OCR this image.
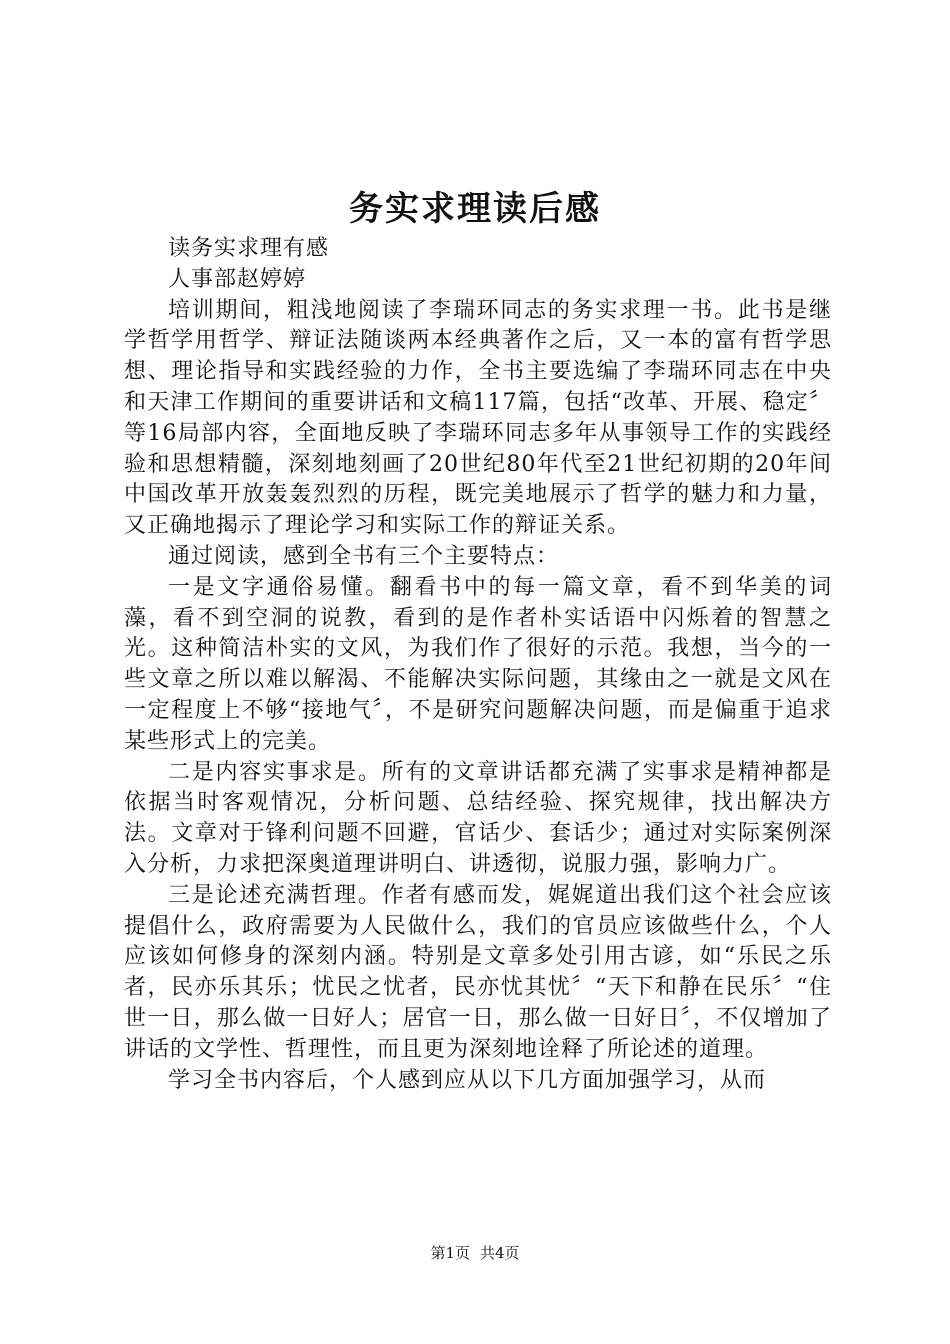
务实求理读后感

读务实求理有感

人事部赵婷婷

培训期间，粗浅地阅读了李瑞环同志的务实求理一书。此书是继学哲学用哲学、辩证法随谈两本经典著作之后，又一本的富有哲学思想、理论指导和实践经验的力作，全书主要选编了李瑞环同志在中央和天津工作期间的重要讲话和文稿117篇，包括“改革、开展、稳定〞等16局部内容，全面地反映了李瑞环同志多年从事领导工作的实践经验和思想精髓，深刻地刻画了20世纪80年代至21世纪初期的20年间中国改革开放轰轰烈烈的历程，既完美地展示了哲学的魅力和力量，又正确地揭示了理论学习和实际工作的辩证关系。

通过阅读，感到全书有三个主要特点：

一是文字通俗易懂。翻看书中的每一篇文章，看不到华美的词藻，看不到空洞的说教，看到的是作者朴实话语中闪烁着的智慧之光。这种简洁朴实的文风，为我们作了很好的示范。我想，当今的一些文章之所以难以解渴、不能解决实际问题，其缘由之一就是文风在一定程度上不够“接地气〞，不是研究问题解决问题，而是偏重于追求某些形式上的完美。

二是内容实事求是。所有的文章讲话都充满了实事求是精神都是依据当时客观情况，分析问题、总结经验、探究规律，找出解决方法。文章对于锋利问题不回避，官话少、套话少；通过对实际案例深入分析，力求把深奥道理讲明白、讲透彻，说服力强，影响力广。

三是论述充满哲理。作者有感而发，娓娓道出我们这个社会应该提倡什么，政府需要为人民做什么，我们的官员应该做些什么，个人应该如何修身的深刻内涵。特别是文章多处引用古谚，如“乐民之乐者，民亦乐其乐；忧民之忧者，民亦忧其忧〞“天下和静在民乐〞“住世一日，那么做一日好人；居官一日，那么做一日好日〞，不仅增加了讲话的文学性、哲理性，而且更为深刻地诠释了所论述的道理。

学习全书内容后，个人感到应从以下几方面加强学习，从而

第1页 共4页
